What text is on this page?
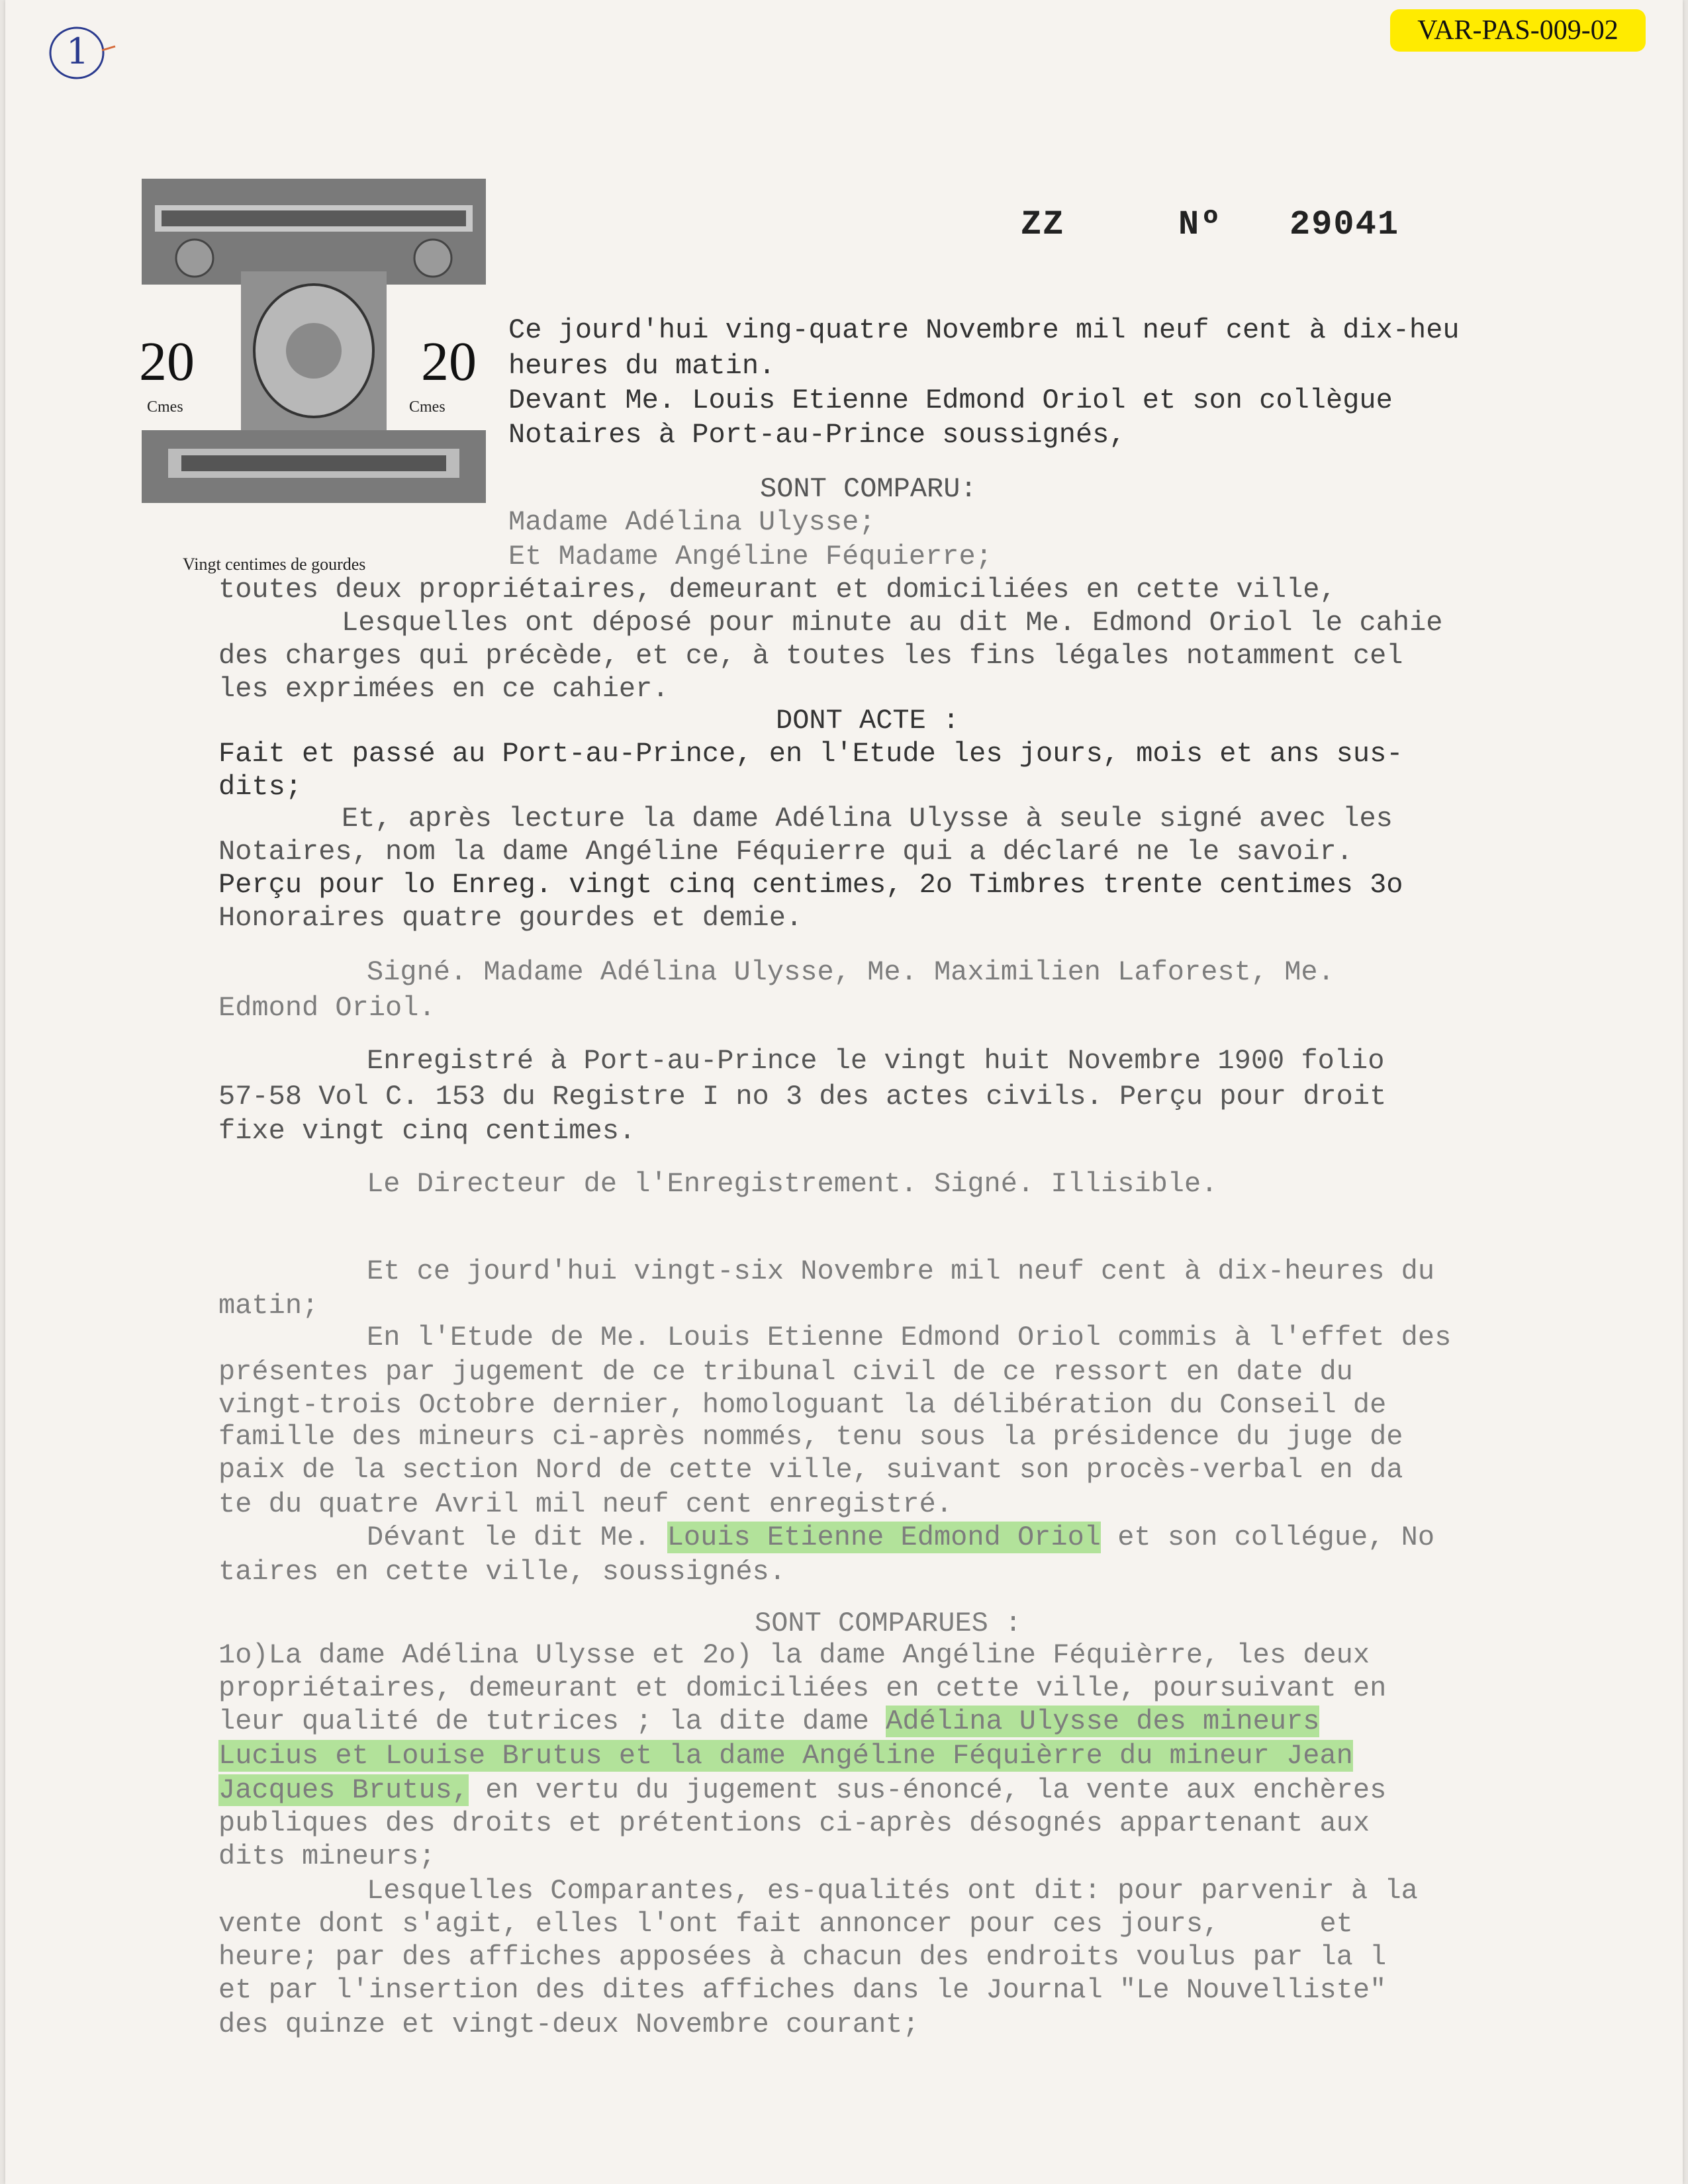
VAR-PAS-009-02
1
20	20
Cmes	Cmes
Vingt centimes de gourdes
ZZ	Nº 29041
Ce jourd'hui ving-quatre Novembre mil neuf cent à dix-heu
heures du matin.
Devant Me. Louis Etienne Edmond Oriol et son collègue
Notaires à Port-au-Prince soussignés,
SONT COMPARU:
Madame Adélina Ulysse;
Et Madame Angéline Féquierre;
toutes deux propriétaires, demeurant et domiciliées en cette ville,
Lesquelles ont déposé pour minute au dit Me. Edmond Oriol le cahie
des charges qui précède, et ce, à toutes les fins légales notamment cel
les exprimées en ce cahier.
DONT ACTE :
Fait et passé au Port-au-Prince, en l'Etude les jours, mois et ans sus-
dits;
Et, après lecture la dame Adélina Ulysse à seule signé avec les
Notaires, nom la dame Angéline Féquierre qui a déclaré ne le savoir.
Perçu pour lo Enreg. vingt cinq centimes, 2o Timbres trente centimes 3o
Honoraires quatre gourdes et demie.
Signé. Madame Adélina Ulysse, Me. Maximilien Laforest, Me.
Edmond Oriol.
Enregistré à Port-au-Prince le vingt huit Novembre 1900 folio
57-58 Vol C. 153 du Registre I no 3 des actes civils. Perçu pour droit
fixe vingt cinq centimes.
Le Directeur de l'Enregistrement. Signé. Illisible.
Et ce jourd'hui vingt-six Novembre mil neuf cent à dix-heures du
matin;
En l'Etude de Me. Louis Etienne Edmond Oriol commis à l'effet des
présentes par jugement de ce tribunal civil de ce ressort en date du
vingt-trois Octobre dernier, homologuant la délibération du Conseil de
famille des mineurs ci-après nommés, tenu sous la présidence du juge de
paix de la section Nord de cette ville, suivant son procès-verbal en da
te du quatre Avril mil neuf cent enregistré.
Dévant le dit Me. Louis Etienne Edmond Oriol et son collégue, No
taires en cette ville, soussignés.
SONT COMPARUES :
1o)La dame Adélina Ulysse et 2o) la dame Angéline Féquièrre, les deux
propriétaires, demeurant et domiciliées en cette ville, poursuivant en
leur qualité de tutrices ; la dite dame Adélina Ulysse des mineurs
Lucius et Louise Brutus et la dame Angéline Féquièrre du mineur Jean
Jacques Brutus, en vertu du jugement sus-énoncé, la vente aux enchères
publiques des droits et prétentions ci-après désognés appartenant aux
dits mineurs;
Lesquelles Comparantes, es-qualités ont dit: pour parvenir à la
vente dont s'agit, elles l'ont fait annoncer pour ces jours,      et
heure; par des affiches apposées à chacun des endroits voulus par la l
et par l'insertion des dites affiches dans le Journal "Le Nouvelliste"
des quinze et vingt-deux Novembre courant;
